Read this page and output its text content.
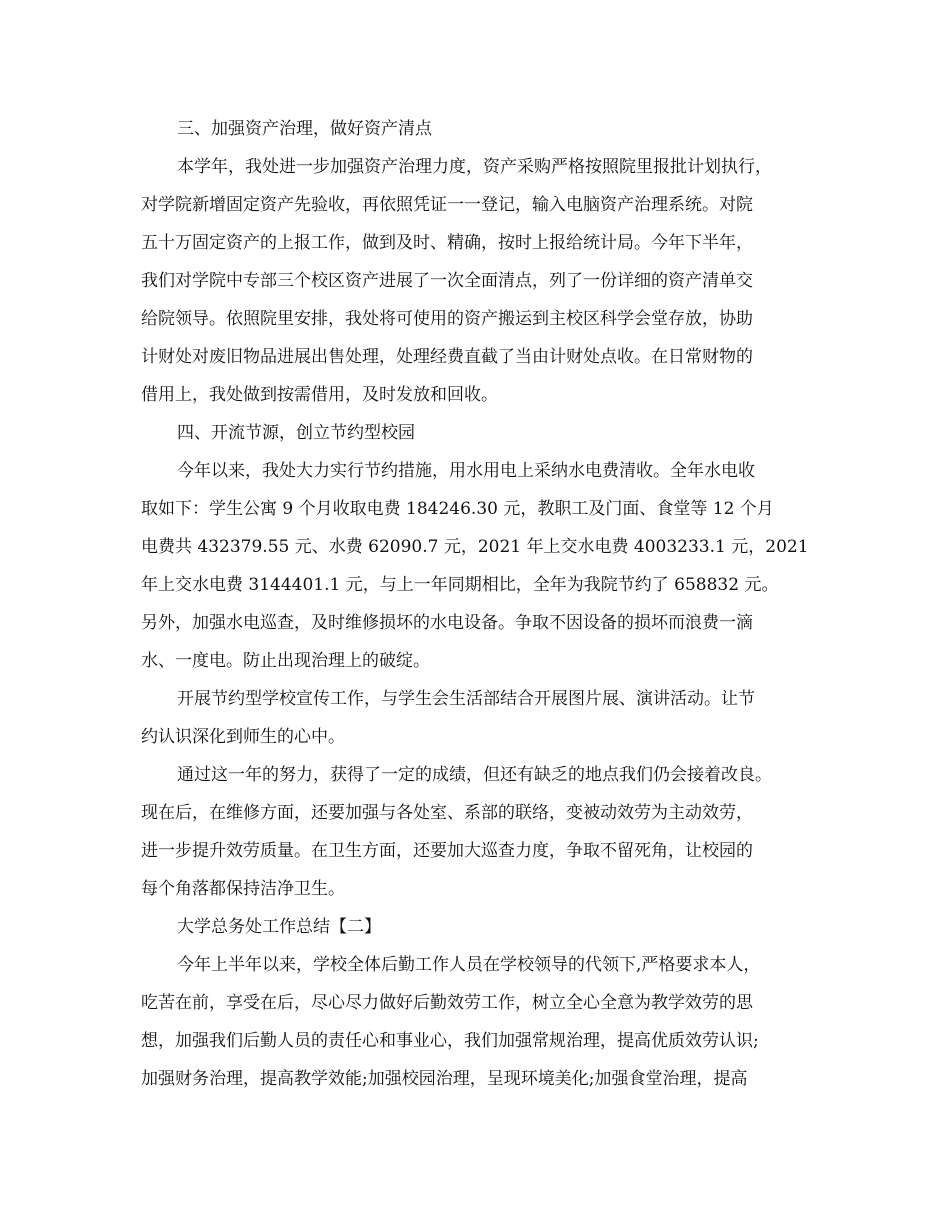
三、加强资产治理，做好资产清点
本学年，我处进一步加强资产治理力度，资产采购严格按照院里报批计划执行，
对学院新增固定资产先验收，再依照凭证一一登记，输入电脑资产治理系统。对院
五十万固定资产的上报工作，做到及时、精确，按时上报给统计局。今年下半年，
我们对学院中专部三个校区资产进展了一次全面清点，列了一份详细的资产清单交
给院领导。依照院里安排，我处将可使用的资产搬运到主校区科学会堂存放，协助
计财处对废旧物品进展出售处理，处理经费直截了当由计财处点收。在日常财物的
借用上，我处做到按需借用，及时发放和回收。
四、开流节源，创立节约型校园
今年以来，我处大力实行节约措施，用水用电上采纳水电费清收。全年水电收
取如下：学生公寓 9 个月收取电费 184246.30 元，教职工及门面、食堂等 12 个月
电费共 432379.55 元、水费 62090.7 元，2021 年上交水电费 4003233.1 元，2021
年上交水电费 3144401.1 元，与上一年同期相比，全年为我院节约了 658832 元。
另外，加强水电巡查，及时维修损坏的水电设备。争取不因设备的损坏而浪费一滴
水、一度电。防止出现治理上的破绽。
开展节约型学校宣传工作，与学生会生活部结合开展图片展、演讲活动。让节
约认识深化到师生的心中。
通过这一年的努力，获得了一定的成绩，但还有缺乏的地点我们仍会接着改良。
现在后，在维修方面，还要加强与各处室、系部的联络，变被动效劳为主动效劳，
进一步提升效劳质量。在卫生方面，还要加大巡查力度，争取不留死角，让校园的
每个角落都保持洁净卫生。
大学总务处工作总结【二】
今年上半年以来，学校全体后勤工作人员在学校领导的代领下,严格要求本人，
吃苦在前，享受在后，尽心尽力做好后勤效劳工作，树立全心全意为教学效劳的思
想，加强我们后勤人员的责任心和事业心，我们加强常规治理，提高优质效劳认识;
加强财务治理，提高教学效能;加强校园治理，呈现环境美化;加强食堂治理，提高
